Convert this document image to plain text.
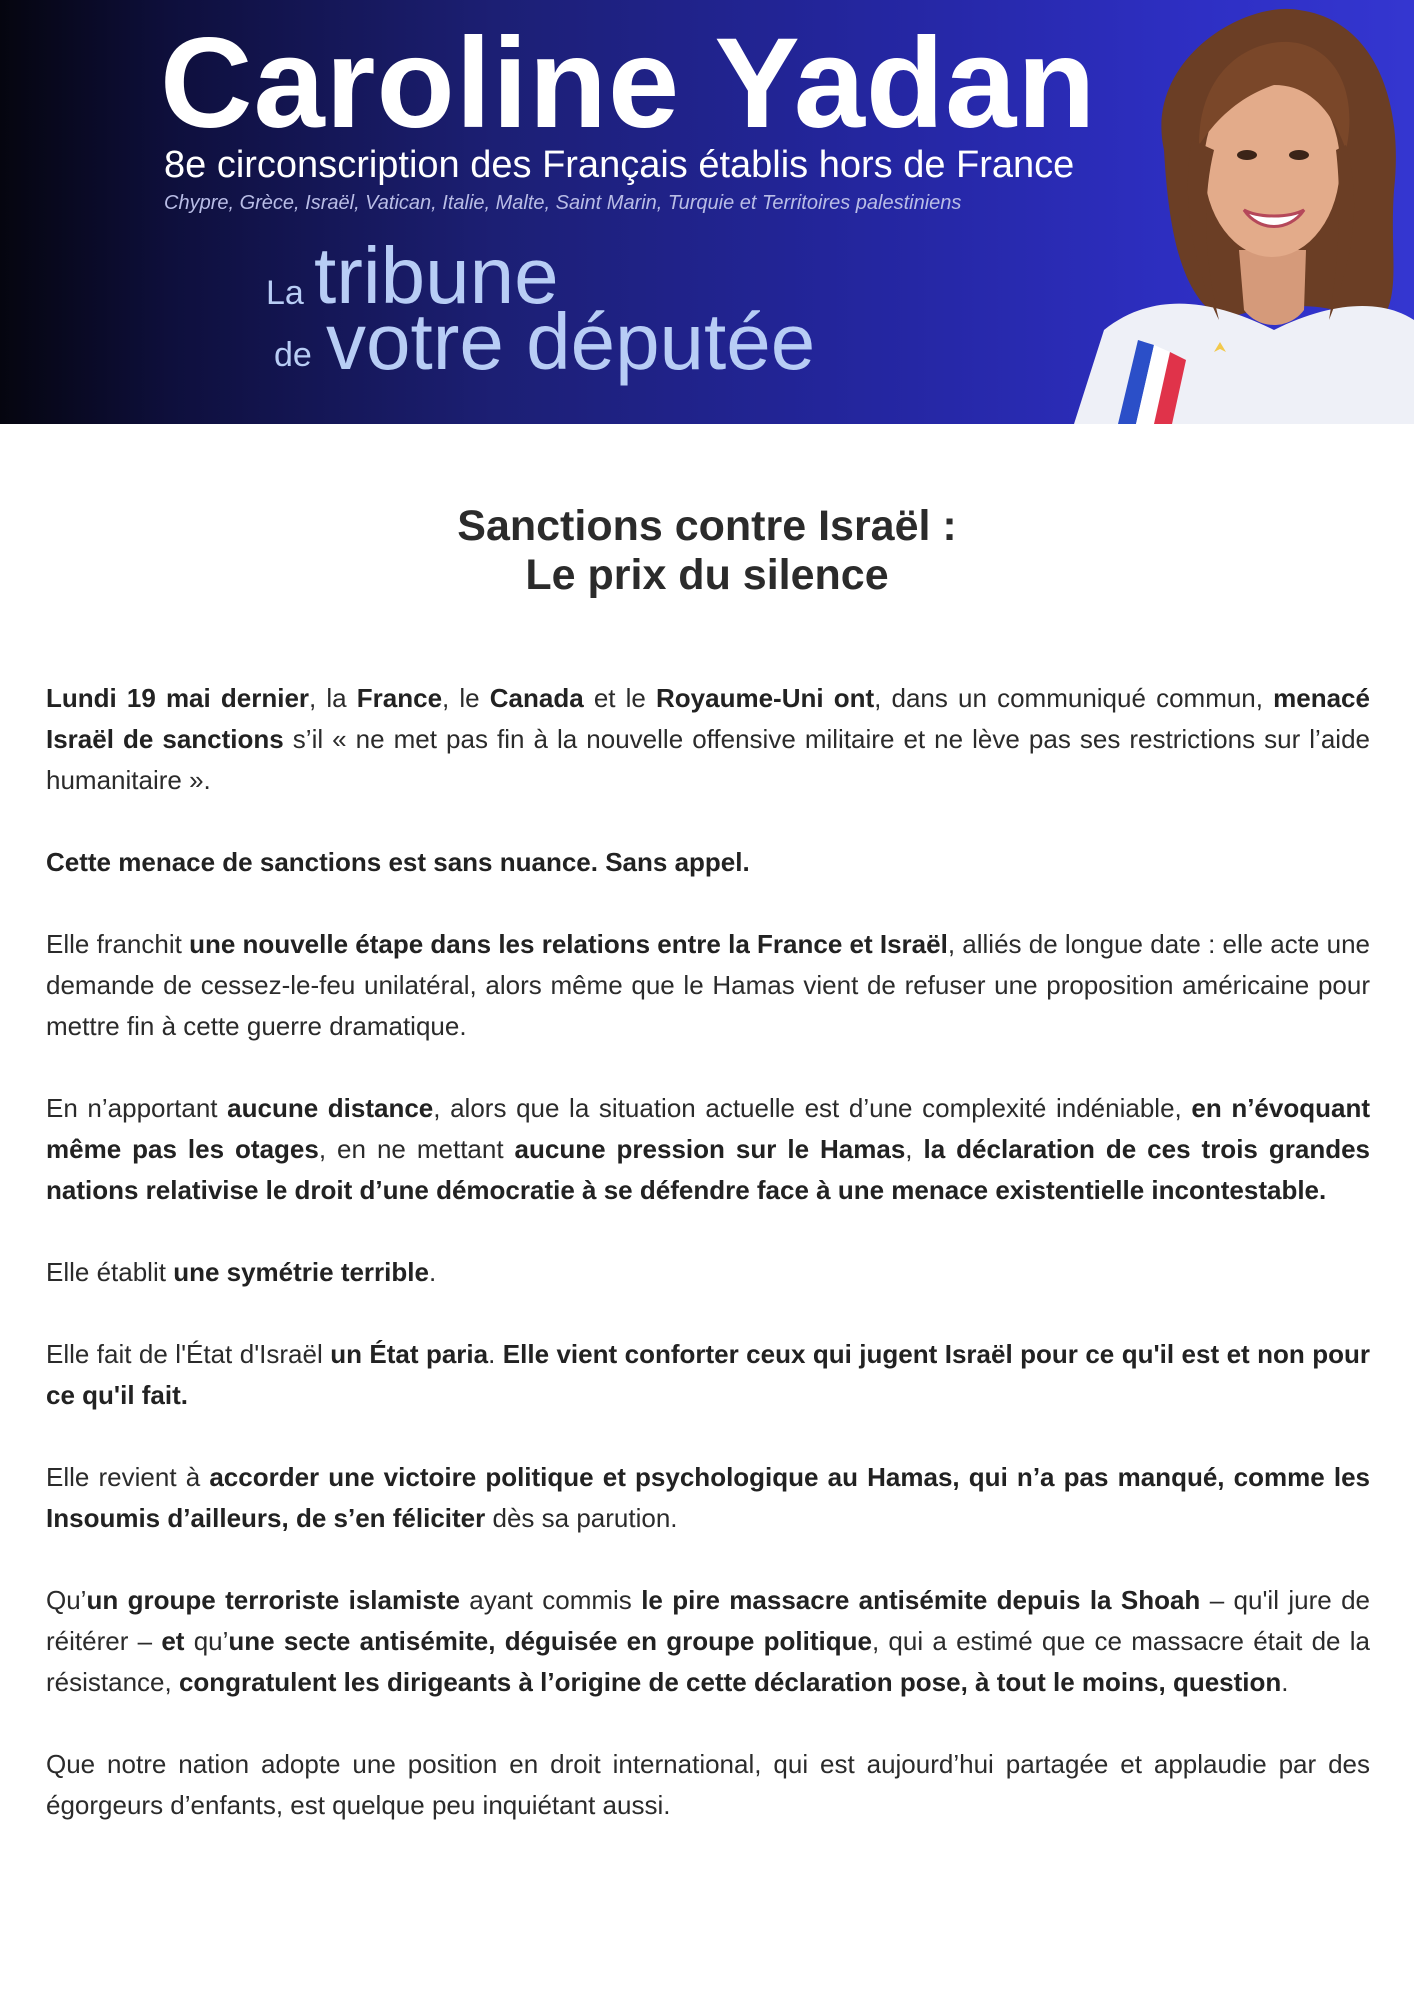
Caroline Yadan
8e circonscription des Français établis hors de France
Chypre, Grèce, Israël, Vatican, Italie, Malte, Saint Marin, Turquie et Territoires palestiniens
La tribune
de votre députée
Sanctions contre Israël :
Le prix du silence

Lundi 19 mai dernier, la France, le Canada et le Royaume-Uni ont, dans un communiqué commun, menacé Israël de sanctions s’il « ne met pas fin à la nouvelle offensive militaire et ne lève pas ses restrictions sur l’aide humanitaire ».

Cette menace de sanctions est sans nuance. Sans appel.

Elle franchit une nouvelle étape dans les relations entre la France et Israël, alliés de longue date : elle acte une demande de cessez-le-feu unilatéral, alors même que le Hamas vient de refuser une proposition américaine pour mettre fin à cette guerre dramatique.

En n’apportant aucune distance, alors que la situation actuelle est d’une complexité indéniable, en n’évoquant même pas les otages, en ne mettant aucune pression sur le Hamas, la déclaration de ces trois grandes nations relativise le droit d’une démocratie à se défendre face à une menace existentielle incontestable.

Elle établit une symétrie terrible.

Elle fait de l'État d'Israël un État paria. Elle vient conforter ceux qui jugent Israël pour ce qu'il est et non pour ce qu'il fait.

Elle revient à accorder une victoire politique et psychologique au Hamas, qui n’a pas manqué, comme les Insoumis d’ailleurs, de s’en féliciter dès sa parution.

Qu’un groupe terroriste islamiste ayant commis le pire massacre antisémite depuis la Shoah – qu'il jure de réitérer – et qu’une secte antisémite, déguisée en groupe politique, qui a estimé que ce massacre était de la résistance, congratulent les dirigeants à l’origine de cette déclaration pose, à tout le moins, question.

Que notre nation adopte une position en droit international, qui est aujourd’hui partagée et applaudie par des égorgeurs d’enfants, est quelque peu inquiétant aussi.
